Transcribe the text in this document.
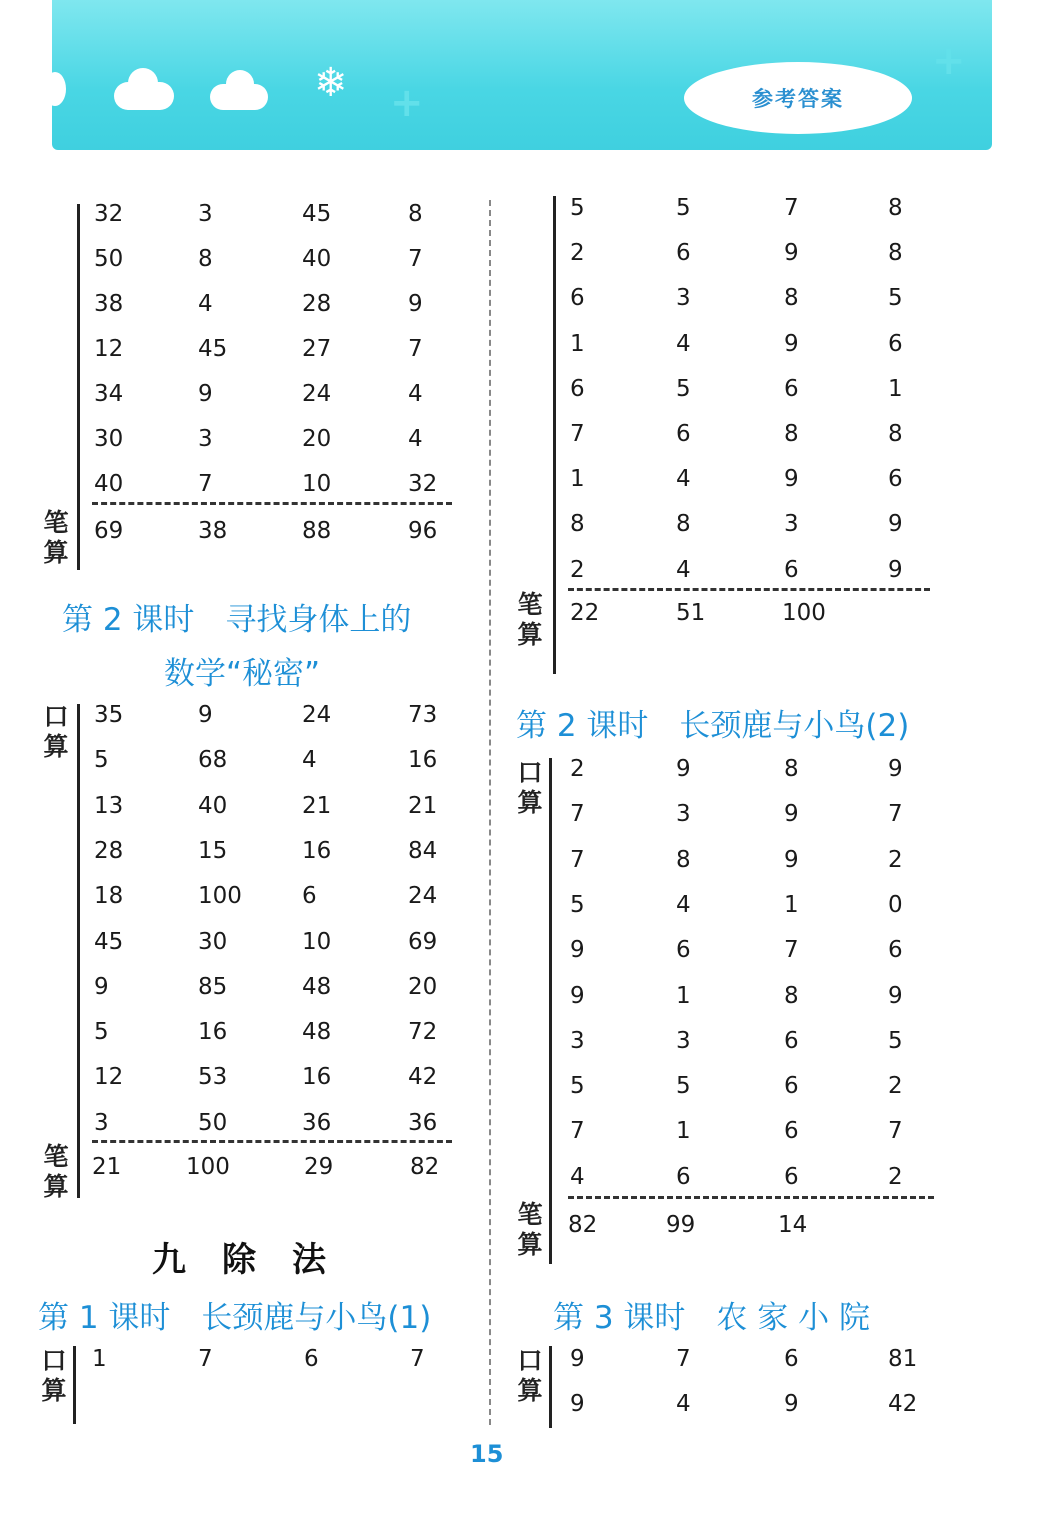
❄ +
+
参考答案
笔算
32	3	45	8
50	8	40	7
38	4	28	9
12	45	27	7
34	9	24	4
30	3	20	4
40	7	10	32
69	38	88	96
第 2 课时　寻找身体上的
数学“秘密”
口算
笔算
35	9	24	73
5	68	4	16
13	40	21	21
28	15	16	84
18	100	6	24
45	30	10	69
9	85	48	20
5	16	48	72
12	53	16	42
3	50	36	36
21	100	29	82
九除法
第 1 课时　长颈鹿与小鸟(1)
口算
1	7	6	7
笔算
5	5	7	8
2	6	9	8
6	3	8	5
1	4	9	6
6	5	6	1
7	6	8	8
1	4	9	6
8	8	3	9
2	4	6	9
22	51	100
第 2 课时　长颈鹿与小鸟(2)
口算
笔算
2	9	8	9
7	3	9	7
7	8	9	2
5	4	1	0
9	6	7	6
9	1	8	9
3	3	6	5
5	5	6	2
7	1	6	7
4	6	6	2
82	99	14
第 3 课时　农 家 小 院
口算
9	7	6	81
9	4	9	42
15
